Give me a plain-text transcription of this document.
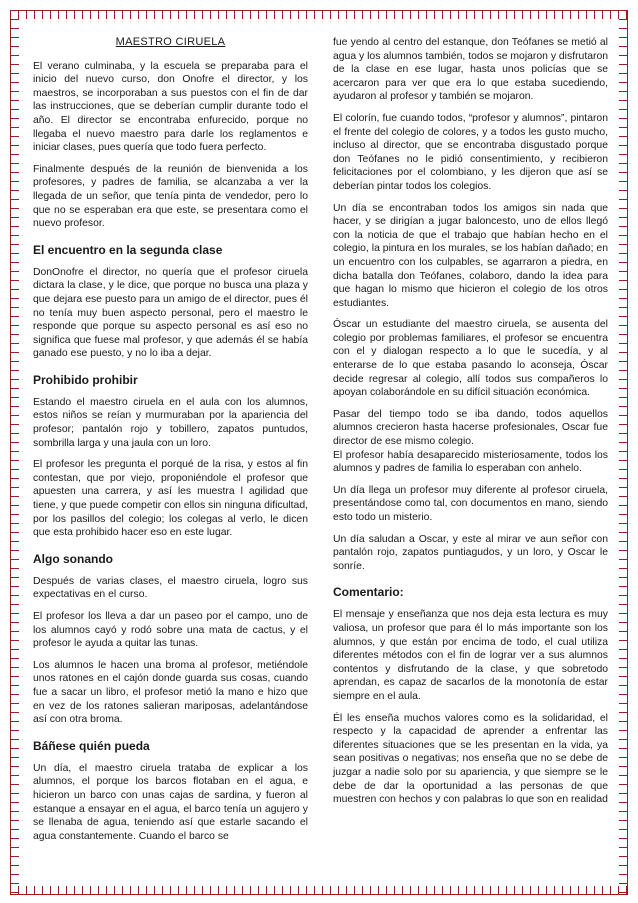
MAESTRO CIRUELA

El verano culminaba, y la escuela se preparaba para el inicio del nuevo curso, don Onofre el director, y los maestros, se incorporaban a sus puestos con el fin de dar las instrucciones, que se deberían cumplir durante todo el año. El director se encontraba enfurecido, porque no llegaba el nuevo maestro para darle los reglamentos e iniciar clases, pues quería que todo fuera perfecto.

Finalmente después de la reunión de bienvenida a los profesores, y padres de familia, se alcanzaba a ver la llegada de un señor, que tenía pinta de vendedor, pero lo que no se esperaban era que este, se presentara como el nuevo profesor.

El encuentro en la segunda clase

DonOnofre el director, no quería que el profesor ciruela dictara la clase, y le dice, que porque no busca una plaza y que dejara ese puesto para un amigo de el director, pues él no tenía muy buen aspecto personal, pero el maestro le responde que porque su aspecto personal es así eso no significa que fuese mal profesor, y que además él se había ganado ese puesto, y no lo iba a dejar.

Prohibido prohibir

Estando el maestro ciruela en el aula con los alumnos, estos niños se reían y murmuraban por la apariencia del profesor; pantalón rojo y tobillero, zapatos puntudos, sombrilla larga y una jaula con un loro.

El profesor les pregunta el porqué de la risa, y estos al fin contestan, que por viejo, proponiéndole el profesor que apuesten una carrera, y así les muestra l agilidad que tiene, y que puede competir con ellos sin ninguna dificultad, por los pasillos del colegio; los colegas al verlo, le dicen que esta prohibido hacer eso en este lugar.

Algo sonando

Después de varias clases, el maestro ciruela, logro sus expectativas en el curso.

El profesor los lleva a dar un paseo por el campo, uno de los alumnos cayó y rodó sobre una mata de cactus, y el profesor le ayuda a quitar las tunas.

Los alumnos le hacen una broma al profesor, metiéndole unos ratones en el cajón donde guarda sus cosas, cuando fue a sacar un libro, el profesor metió la mano e hizo que en vez de los ratones salieran mariposas, adelantándose así con otra broma.

Báñese quién pueda

Un día, el maestro ciruela trataba de explicar a los alumnos, el porque los barcos flotaban en el agua, e hicieron un barco con unas cajas de sardina, y fueron al estanque a ensayar en el agua, el barco tenía un agujero y se llenaba de agua, teniendo así que estarle sacando el agua constantemente. Cuando el barco se

fue yendo al centro del estanque, don Teófanes se metió al agua y los alumnos también, todos se mojaron y disfrutaron de la clase en ese lugar, hasta unos policías que se acercaron para ver que era lo que estaba sucediendo, ayudaron al profesor y también se mojaron.

El colorín, fue cuando todos, “profesor y alumnos”, pintaron el frente del colegio de colores, y a todos les gusto mucho, incluso al director, que se encontraba disgustado porque don Teófanes no le pidió consentimiento, y recibieron felicitaciones por el colombiano, y les dijeron que así se deberían pintar todos los colegios.

Un día se encontraban todos los amigos sin nada que hacer, y se dirigían a jugar baloncesto, uno de ellos llegó con la noticia de que el trabajo que habían hecho en el colegio, la pintura en los murales, se los habían dañado; en un encuentro con los culpables, se agarraron a piedra, en dicha batalla don Teófanes, colaboro, dando la idea para que hagan lo mismo que hicieron el colegio de los otros estudiantes.

Óscar un estudiante del maestro ciruela, se ausenta del colegio por problemas familiares, el profesor se encuentra con el y dialogan respecto a lo que le sucedía, y al enterarse de lo que estaba pasando lo aconseja, Óscar decide regresar al colegio, allí todos sus compañeros lo apoyan colaborándole en su difícil situación económica.

Pasar del tiempo todo se iba dando, todos aquellos alumnos crecieron hasta hacerse profesionales, Oscar fue director de ese mismo colegio.
El profesor había desaparecido misteriosamente, todos los alumnos y padres de familia lo esperaban con anhelo.

Un día llega un profesor muy diferente al profesor ciruela, presentándose como tal, con documentos en mano, siendo esto todo un misterio.

Un día saludan a Oscar, y este al mirar ve aun señor con pantalón rojo, zapatos puntiagudos, y un loro, y Oscar le sonríe.

Comentario:

El mensaje y enseñanza que nos deja esta lectura es muy valiosa, un profesor que para él lo más importante son los alumnos, y que están por encima de todo, el cual utiliza diferentes métodos con el fin de lograr ver a sus alumnos contentos y disfrutando de la clase, y que sobretodo aprendan, es capaz de sacarlos de la monotonía de estar siempre en el aula.

Él les enseña muchos valores como es la solidaridad, el respecto y la capacidad de aprender a enfrentar las diferentes situaciones que se les presentan en la vida, ya sean positivas o negativas; nos enseña que no se debe de juzgar a nadie solo por su apariencia, y que siempre se le debe de dar la oportunidad a las personas de que muestren con hechos y con palabras lo que son en realidad
